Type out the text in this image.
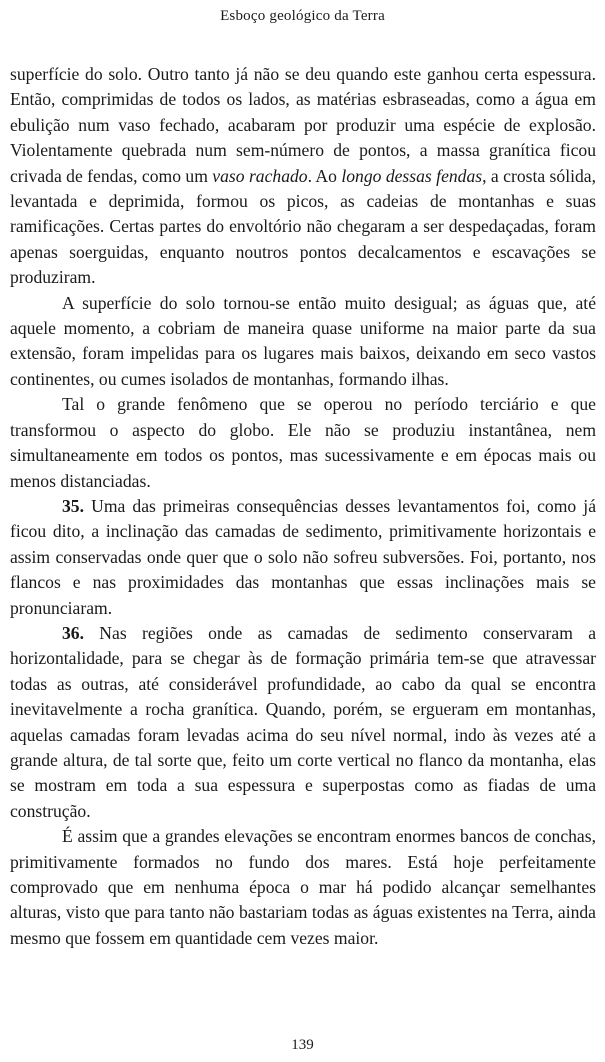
Esboço geológico da Terra

superfície do solo. Outro tanto já não se deu quando este ganhou certa espessura. Então, comprimidas de todos os lados, as matérias esbraseadas, como a água em ebulição num vaso fechado, acabaram por produzir uma espécie de explosão. Violentamente quebrada num sem-número de pontos, a massa granítica ficou crivada de fendas, como um vaso rachado. Ao longo dessas fendas, a crosta sólida, levantada e deprimida, formou os picos, as cadeias de montanhas e suas ramificações. Certas partes do envoltório não chegaram a ser despedaçadas, foram apenas soerguidas, enquanto noutros pontos decalcamentos e escavações se produziram.

A superfície do solo tornou-se então muito desigual; as águas que, até aquele momento, a cobriam de maneira quase uniforme na maior parte da sua extensão, foram impelidas para os lugares mais baixos, deixando em seco vastos continentes, ou cumes isolados de montanhas, formando ilhas.

Tal o grande fenômeno que se operou no período terciário e que transformou o aspecto do globo. Ele não se produziu instantânea, nem simultaneamente em todos os pontos, mas sucessivamente e em épocas mais ou menos distanciadas.

35. Uma das primeiras consequências desses levantamentos foi, como já ficou dito, a inclinação das camadas de sedimento, primitivamente horizontais e assim conservadas onde quer que o solo não sofreu subversões. Foi, portanto, nos flancos e nas proximidades das montanhas que essas inclinações mais se pronunciaram.

36. Nas regiões onde as camadas de sedimento conservaram a horizontalidade, para se chegar às de formação primária tem-se que atravessar todas as outras, até considerável profundidade, ao cabo da qual se encontra inevitavelmente a rocha granítica. Quando, porém, se ergueram em montanhas, aquelas camadas foram levadas acima do seu nível normal, indo às vezes até a grande altura, de tal sorte que, feito um corte vertical no flanco da montanha, elas se mostram em toda a sua espessura e superpostas como as fiadas de uma construção.

É assim que a grandes elevações se encontram enormes bancos de conchas, primitivamente formados no fundo dos mares. Está hoje perfeitamente comprovado que em nenhuma época o mar há podido alcançar semelhantes alturas, visto que para tanto não bastariam todas as águas existentes na Terra, ainda mesmo que fossem em quantidade cem vezes maior.

139
